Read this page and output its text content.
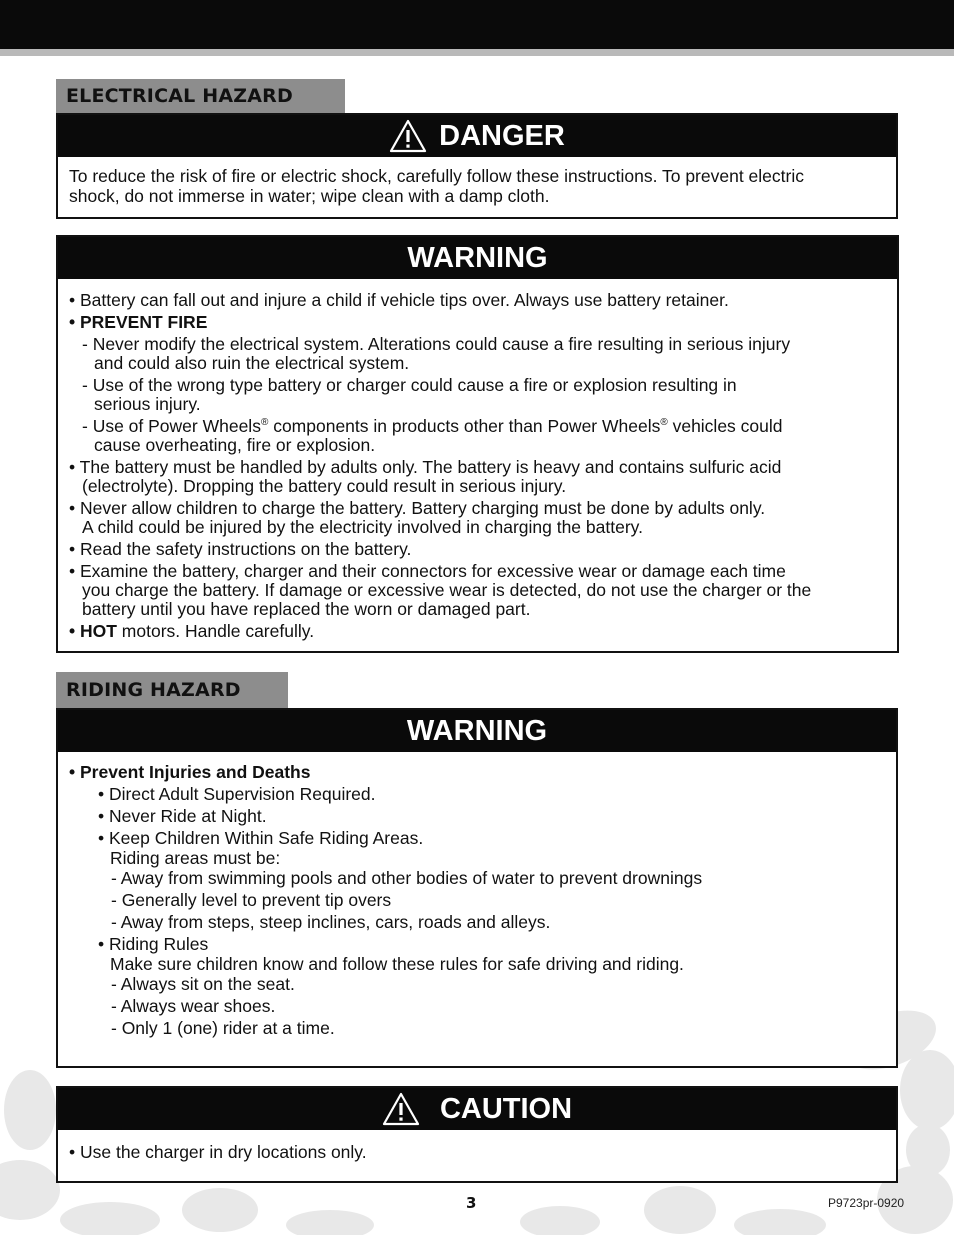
ELECTRICAL HAZARD
DANGER
To reduce the risk of fire or electric shock, carefully follow these instructions. To prevent electric
shock, do not immerse in water; wipe clean with a damp cloth.
WARNING
• Battery can fall out and injure a child if vehicle tips over. Always use battery retainer.
• PREVENT FIRE
- Never modify the electrical system. Alterations could cause a fire resulting in serious injury
and could also ruin the electrical system.
- Use of the wrong type battery or charger could cause a fire or explosion resulting in
serious injury.
- Use of Power Wheels® components in products other than Power Wheels® vehicles could
cause overheating, fire or explosion.
• The battery must be handled by adults only. The battery is heavy and contains sulfuric acid
(electrolyte). Dropping the battery could result in serious injury.
• Never allow children to charge the battery. Battery charging must be done by adults only.
A child could be injured by the electricity involved in charging the battery.
• Read the safety instructions on the battery.
• Examine the battery, charger and their connectors for excessive wear or damage each time
you charge the battery. If damage or excessive wear is detected, do not use the charger or the
battery until you have replaced the worn or damaged part.
• HOT motors. Handle carefully.
RIDING HAZARD
WARNING
• Prevent Injuries and Deaths
• Direct Adult Supervision Required.
• Never Ride at Night.
• Keep Children Within Safe Riding Areas.
Riding areas must be:
- Away from swimming pools and other bodies of water to prevent drownings
- Generally level to prevent tip overs
- Away from steps, steep inclines, cars, roads and alleys.
• Riding Rules
Make sure children know and follow these rules for safe driving and riding.
- Always sit on the seat.
- Always wear shoes.
- Only 1 (one) rider at a time.
CAUTION
• Use the charger in dry locations only.
3	P9723pr-0920
